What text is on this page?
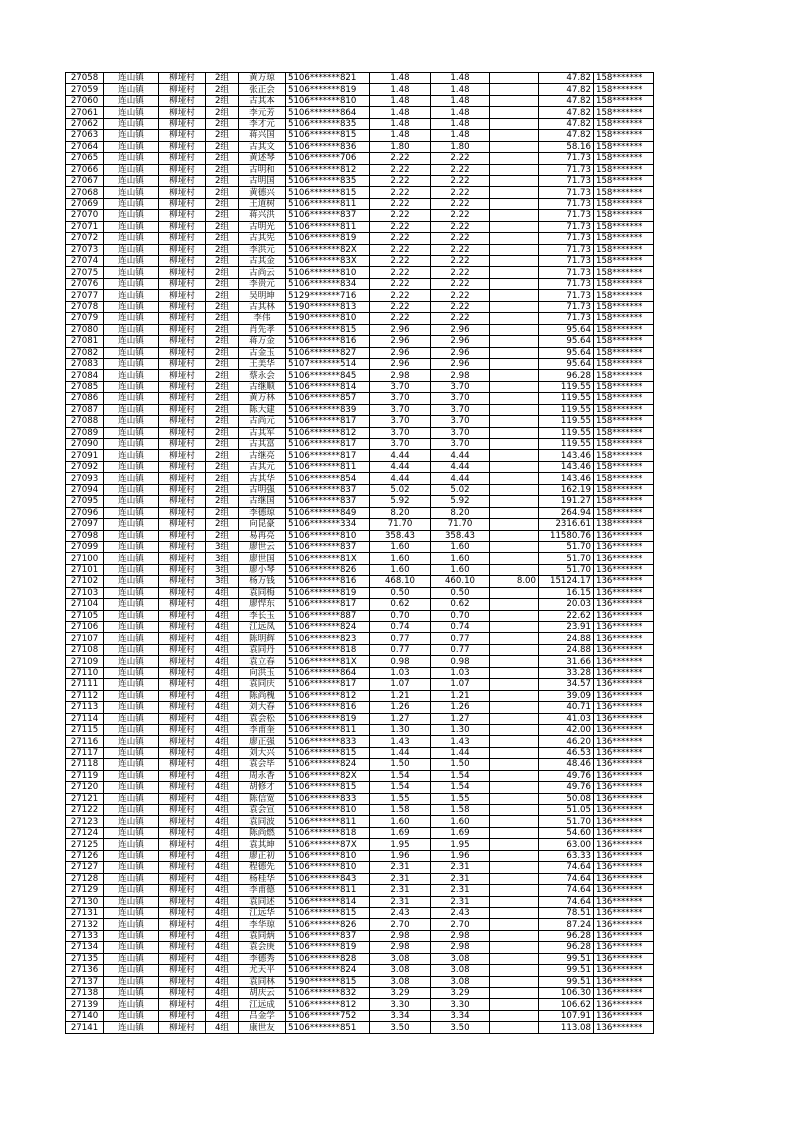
27058	连山镇	柳垭村	2组	黄万琼	5106*******821	1.48	1.48		47.82	158*******
27059	连山镇	柳垭村	2组	张正会	5106*******819	1.48	1.48		47.82	158*******
27060	连山镇	柳垭村	2组	古其本	5106*******810	1.48	1.48		47.82	158*******
27061	连山镇	柳垭村	2组	李元芳	5106*******864	1.48	1.48		47.82	158*******
27062	连山镇	柳垭村	2组	李才元	5106*******835	1.48	1.48		47.82	158*******
27063	连山镇	柳垭村	2组	蒋兴国	5106*******815	1.48	1.48		47.82	158*******
27064	连山镇	柳垭村	2组	古其文	5106*******836	1.80	1.80		58.16	158*******
27065	连山镇	柳垭村	2组	黄述琴	5106*******706	2.22	2.22		71.73	158*******
27066	连山镇	柳垭村	2组	古明和	5106*******812	2.22	2.22		71.73	158*******
27067	连山镇	柳垭村	2组	古明国	5106*******835	2.22	2.22		71.73	158*******
27068	连山镇	柳垭村	2组	黄德兴	5106*******815	2.22	2.22		71.73	158*******
27069	连山镇	柳垭村	2组	王道树	5106*******811	2.22	2.22		71.73	158*******
27070	连山镇	柳垭村	2组	蒋兴洪	5106*******837	2.22	2.22		71.73	158*******
27071	连山镇	柳垭村	2组	古明光	5106*******811	2.22	2.22		71.73	158*******
27072	连山镇	柳垭村	2组	古其宪	5106*******819	2.22	2.22		71.73	158*******
27073	连山镇	柳垭村	2组	李洪元	5106*******82X	2.22	2.22		71.73	158*******
27074	连山镇	柳垭村	2组	古其金	5106*******83X	2.22	2.22		71.73	158*******
27075	连山镇	柳垭村	2组	古尚云	5106*******810	2.22	2.22		71.73	158*******
27076	连山镇	柳垭村	2组	李贵元	5106*******834	2.22	2.22		71.73	158*******
27077	连山镇	柳垭村	2组	吴明坤	5129*******716	2.22	2.22		71.73	158*******
27078	连山镇	柳垭村	2组	古其林	5190*******813	2.22	2.22		71.73	158*******
27079	连山镇	柳垭村	2组	李伟	5190*******810	2.22	2.22		71.73	158*******
27080	连山镇	柳垭村	2组	肖先孝	5106*******815	2.96	2.96		95.64	158*******
27081	连山镇	柳垭村	2组	蒋万金	5106*******816	2.96	2.96		95.64	158*******
27082	连山镇	柳垭村	2组	古金玉	5106*******827	2.96	2.96		95.64	158*******
27083	连山镇	柳垭村	2组	王美华	5107*******514	2.96	2.96		95.64	158*******
27084	连山镇	柳垭村	2组	蔡永会	5106*******845	2.98	2.98		96.28	158*******
27085	连山镇	柳垭村	2组	古继顺	5106*******814	3.70	3.70		119.55	158*******
27086	连山镇	柳垭村	2组	黄万林	5106*******857	3.70	3.70		119.55	158*******
27087	连山镇	柳垭村	2组	陈大建	5106*******839	3.70	3.70		119.55	158*******
27088	连山镇	柳垭村	2组	古尚元	5106*******817	3.70	3.70		119.55	158*******
27089	连山镇	柳垭村	2组	古其军	5106*******812	3.70	3.70		119.55	158*******
27090	连山镇	柳垭村	2组	古其富	5106*******817	3.70	3.70		119.55	158*******
27091	连山镇	柳垭村	2组	古继亮	5106*******817	4.44	4.44		143.46	158*******
27092	连山镇	柳垭村	2组	古其元	5106*******811	4.44	4.44		143.46	158*******
27093	连山镇	柳垭村	2组	古其华	5106*******854	4.44	4.44		143.46	158*******
27094	连山镇	柳垭村	2组	古明强	5106*******837	5.02	5.02		162.19	158*******
27095	连山镇	柳垭村	2组	古继国	5106*******837	5.92	5.92		191.27	158*******
27096	连山镇	柳垭村	2组	李德琼	5106*******849	8.20	8.20		264.94	158*******
27097	连山镇	柳垭村	2组	向昆豪	5106*******334	71.70	71.70		2316.61	138*******
27098	连山镇	柳垭村	2组	易再亮	5106*******810	358.43	358.43		11580.76	136*******
27099	连山镇	柳垭村	3组	廖世云	5106*******837	1.60	1.60		51.70	136*******
27100	连山镇	柳垭村	3组	廖世国	5106*******81X	1.60	1.60		51.70	136*******
27101	连山镇	柳垭村	3组	廖小琴	5106*******826	1.60	1.60		51.70	136*******
27102	连山镇	柳垭村	3组	杨万钱	5106*******816	468.10	460.10	8.00	15124.17	136*******
27103	连山镇	柳垭村	4组	袁同梅	5106*******819	0.50	0.50		16.15	136*******
27104	连山镇	柳垭村	4组	廖悍东	5106*******817	0.62	0.62		20.03	136*******
27105	连山镇	柳垭村	4组	李长玉	5106*******887	0.70	0.70		22.62	136*******
27106	连山镇	柳垭村	4组	江远凤	5106*******824	0.74	0.74		23.91	136*******
27107	连山镇	柳垭村	4组	陈明辉	5106*******823	0.77	0.77		24.88	136*******
27108	连山镇	柳垭村	4组	袁同丹	5106*******818	0.77	0.77		24.88	136*******
27109	连山镇	柳垭村	4组	袁立春	5106*******81X	0.98	0.98		31.66	136*******
27110	连山镇	柳垭村	4组	向洪玉	5106*******864	1.03	1.03		33.28	136*******
27111	连山镇	柳垭村	4组	袁同庆	5106*******817	1.07	1.07		34.57	136*******
27112	连山镇	柳垭村	4组	陈尚槐	5106*******812	1.21	1.21		39.09	136*******
27113	连山镇	柳垭村	4组	刘大春	5106*******816	1.26	1.26		40.71	136*******
27114	连山镇	柳垭村	4组	袁会松	5106*******819	1.27	1.27		41.03	136*******
27115	连山镇	柳垭村	4组	李甫奎	5106*******811	1.30	1.30		42.00	136*******
27116	连山镇	柳垭村	4组	廖正强	5106*******833	1.43	1.43		46.20	136*******
27117	连山镇	柳垭村	4组	刘大兴	5106*******815	1.44	1.44		46.53	136*******
27118	连山镇	柳垭村	4组	袁会毕	5106*******824	1.50	1.50		48.46	136*******
27119	连山镇	柳垭村	4组	周永香	5106*******82X	1.54	1.54		49.76	136*******
27120	连山镇	柳垭村	4组	胡修才	5106*******815	1.54	1.54		49.76	136*******
27121	连山镇	柳垭村	4组	陈信宽	5106*******833	1.55	1.55		50.08	136*******
27122	连山镇	柳垭村	4组	袁会宣	5106*******810	1.58	1.58		51.05	136*******
27123	连山镇	柳垭村	4组	袁同波	5106*******811	1.60	1.60		51.70	136*******
27124	连山镇	柳垭村	4组	陈尚燃	5106*******818	1.69	1.69		54.60	136*******
27125	连山镇	柳垭村	4组	袁其坤	5106*******87X	1.95	1.95		63.00	136*******
27126	连山镇	柳垭村	4组	廖正初	5106*******810	1.96	1.96		63.33	136*******
27127	连山镇	柳垭村	4组	程德先	5106*******810	2.31	2.31		74.64	136*******
27128	连山镇	柳垭村	4组	杨桂华	5106*******843	2.31	2.31		74.64	136*******
27129	连山镇	柳垭村	4组	李甫德	5106*******811	2.31	2.31		74.64	136*******
27130	连山镇	柳垭村	4组	袁同述	5106*******814	2.31	2.31		74.64	136*******
27131	连山镇	柳垭村	4组	江远华	5106*******815	2.43	2.43		78.51	136*******
27132	连山镇	柳垭村	4组	李华琼	5106*******826	2.70	2.70		87.24	136*******
27133	连山镇	柳垭村	4组	袁同炳	5106*******837	2.98	2.98		96.28	136*******
27134	连山镇	柳垭村	4组	袁会庚	5106*******819	2.98	2.98		96.28	136*******
27135	连山镇	柳垭村	4组	李德秀	5106*******828	3.08	3.08		99.51	136*******
27136	连山镇	柳垭村	4组	尤天平	5106*******824	3.08	3.08		99.51	136*******
27137	连山镇	柳垭村	4组	袁同林	5190*******815	3.08	3.08		99.51	136*******
27138	连山镇	柳垭村	4组	胡庆云	5106*******832	3.29	3.29		106.30	136*******
27139	连山镇	柳垭村	4组	江远成	5106*******812	3.30	3.30		106.62	136*******
27140	连山镇	柳垭村	4组	吕金学	5106*******752	3.34	3.34		107.91	136*******
27141	连山镇	柳垭村	4组	康世友	5106*******851	3.50	3.50		113.08	136*******
